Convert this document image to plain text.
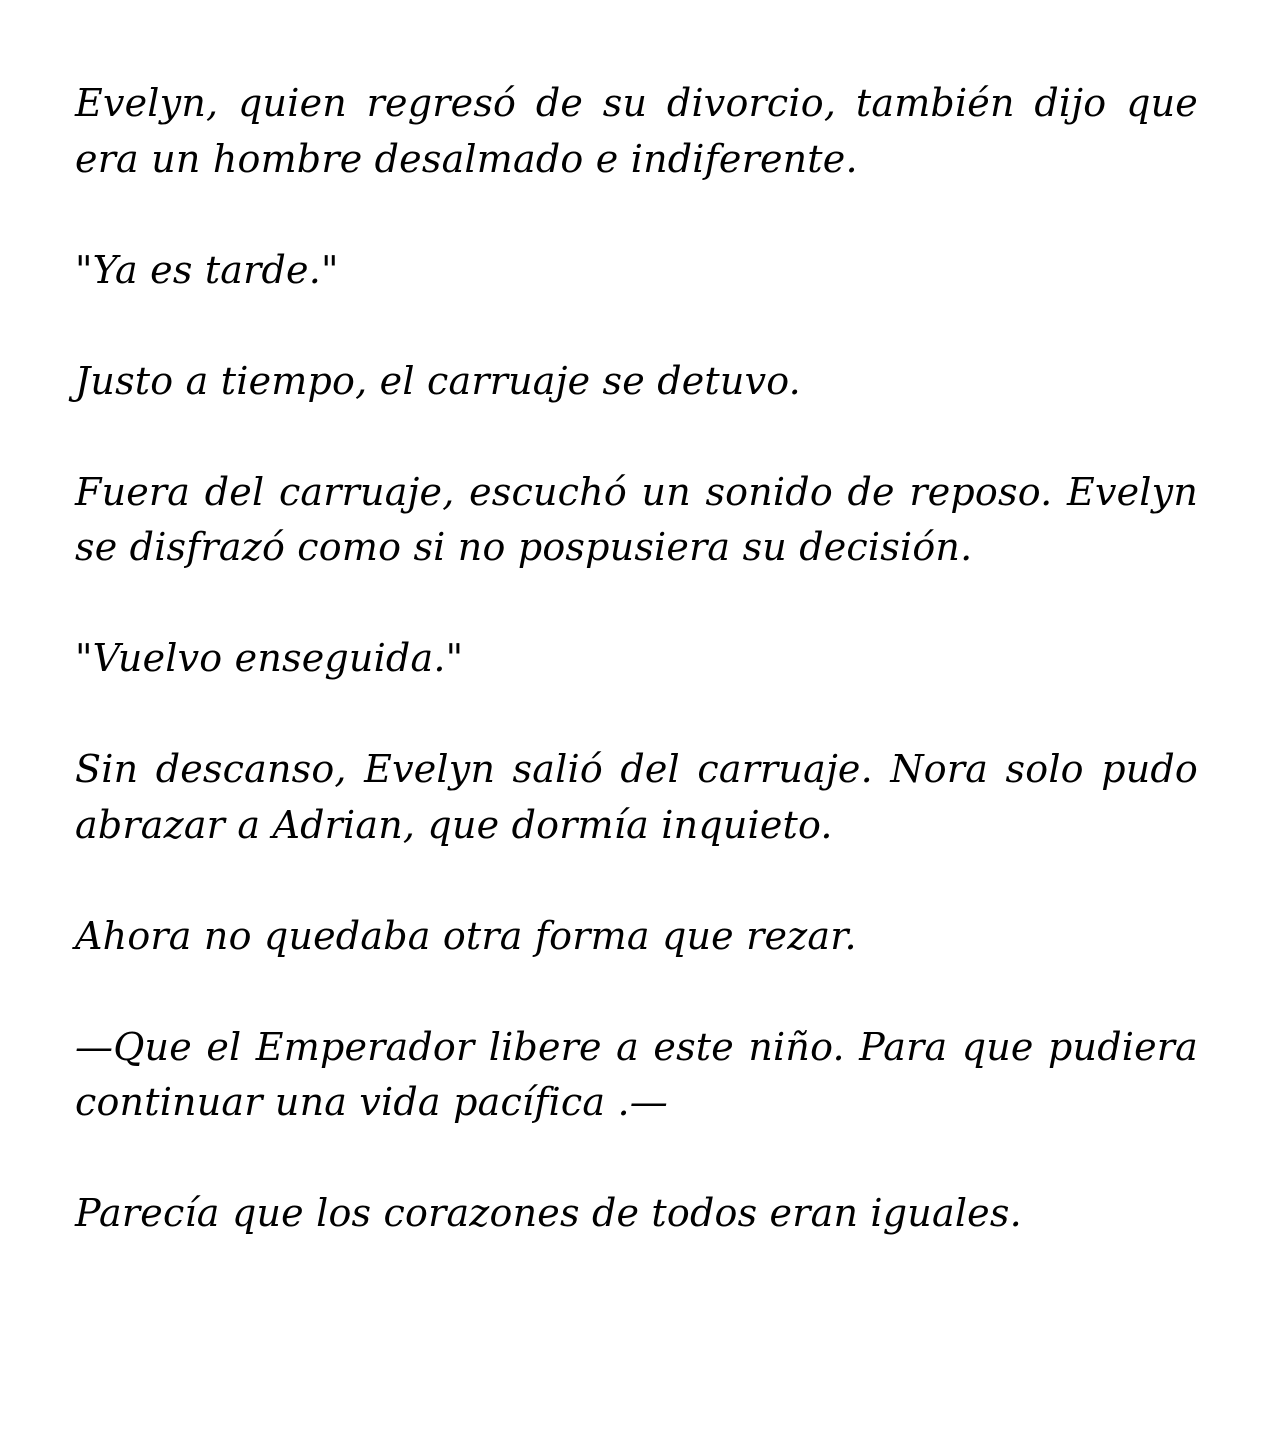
Evelyn, quien regresó de su divorcio, también dijo que era un hombre desalmado e indiferente.

"Ya es tarde."

Justo a tiempo, el carruaje se detuvo.

Fuera del carruaje, escuchó un sonido de reposo. Evelyn se disfrazó como si no pospusiera su decisión.

"Vuelvo enseguida."

Sin descanso, Evelyn salió del carruaje. Nora solo pudo abrazar a Adrian, que dormía inquieto.

Ahora no quedaba otra forma que rezar.

—Que el Emperador libere a este niño. Para que pudiera continuar una vida pacífica .—

Parecía que los corazones de todos eran iguales.
